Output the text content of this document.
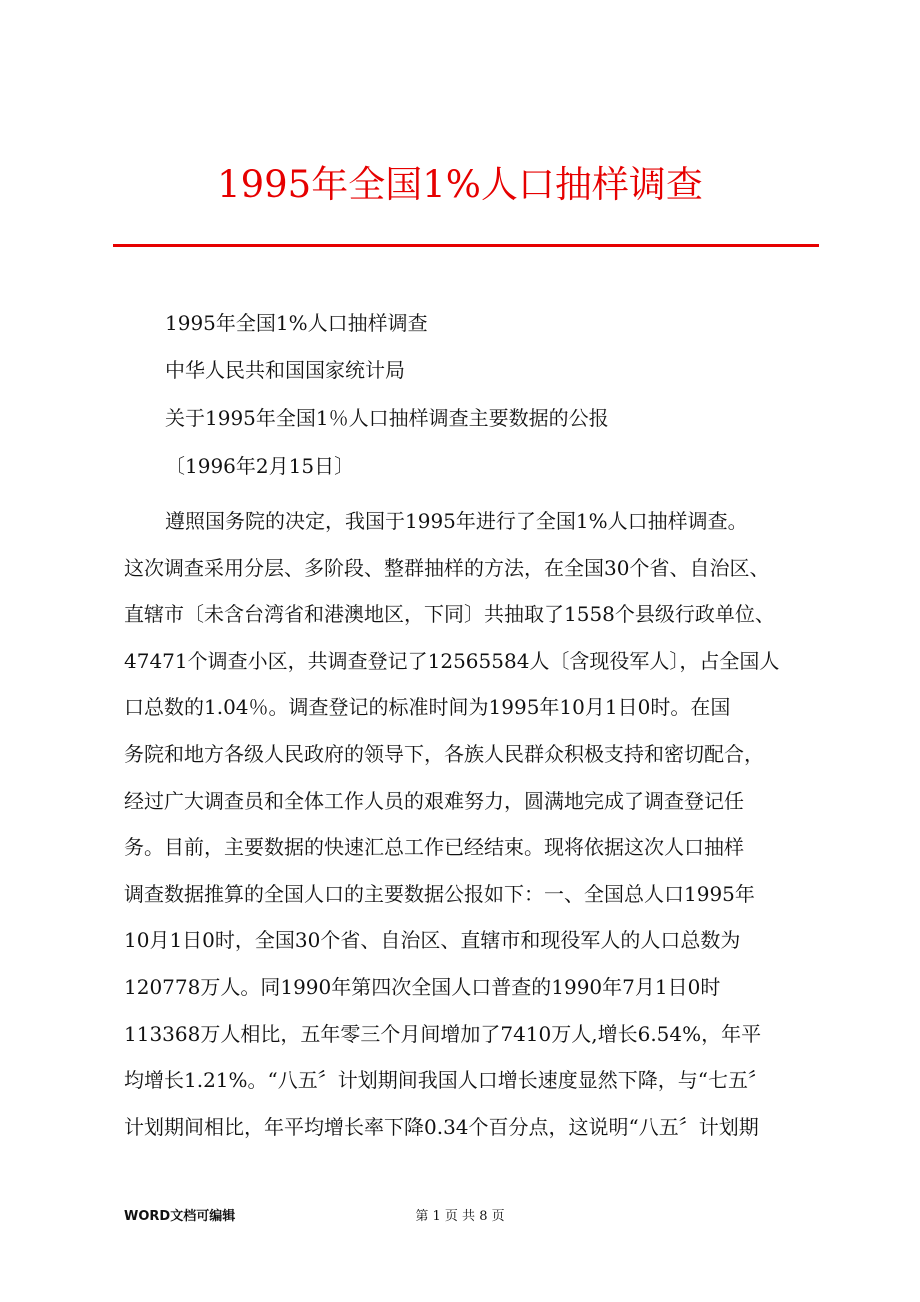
1995年全国1%人口抽样调查
1995年全国1%人口抽样调查
中华人民共和国国家统计局
关于1995年全国1％人口抽样调查主要数据的公报
〔1996年2月15日〕
遵照国务院的决定，我国于1995年进行了全国1%人口抽样调查。
这次调查采用分层、多阶段、整群抽样的方法，在全国30个省、自治区、
直辖市〔未含台湾省和港澳地区，下同〕共抽取了1558个县级行政单位、
47471个调查小区，共调查登记了12565584人〔含现役军人〕，占全国人
口总数的1.04％。调查登记的标准时间为1995年10月1日0时。在国
务院和地方各级人民政府的领导下，各族人民群众积极支持和密切配合，
经过广大调查员和全体工作人员的艰难努力，圆满地完成了调查登记任
务。目前，主要数据的快速汇总工作已经结束。现将依据这次人口抽样
调查数据推算的全国人口的主要数据公报如下：一、全国总人口1995年
10月1日0时，全国30个省、自治区、直辖市和现役军人的人口总数为
120778万人。同1990年第四次全国人口普查的1990年7月1日0时
113368万人相比，五年零三个月间增加了7410万人,增长6.54%，年平
均增长1.21%。“八五〞计划期间我国人口增长速度显然下降，与“七五〞
计划期间相比，年平均增长率下降0.34个百分点，这说明“八五〞计划期
WORD文档可编辑	第 1 页 共 8 页
